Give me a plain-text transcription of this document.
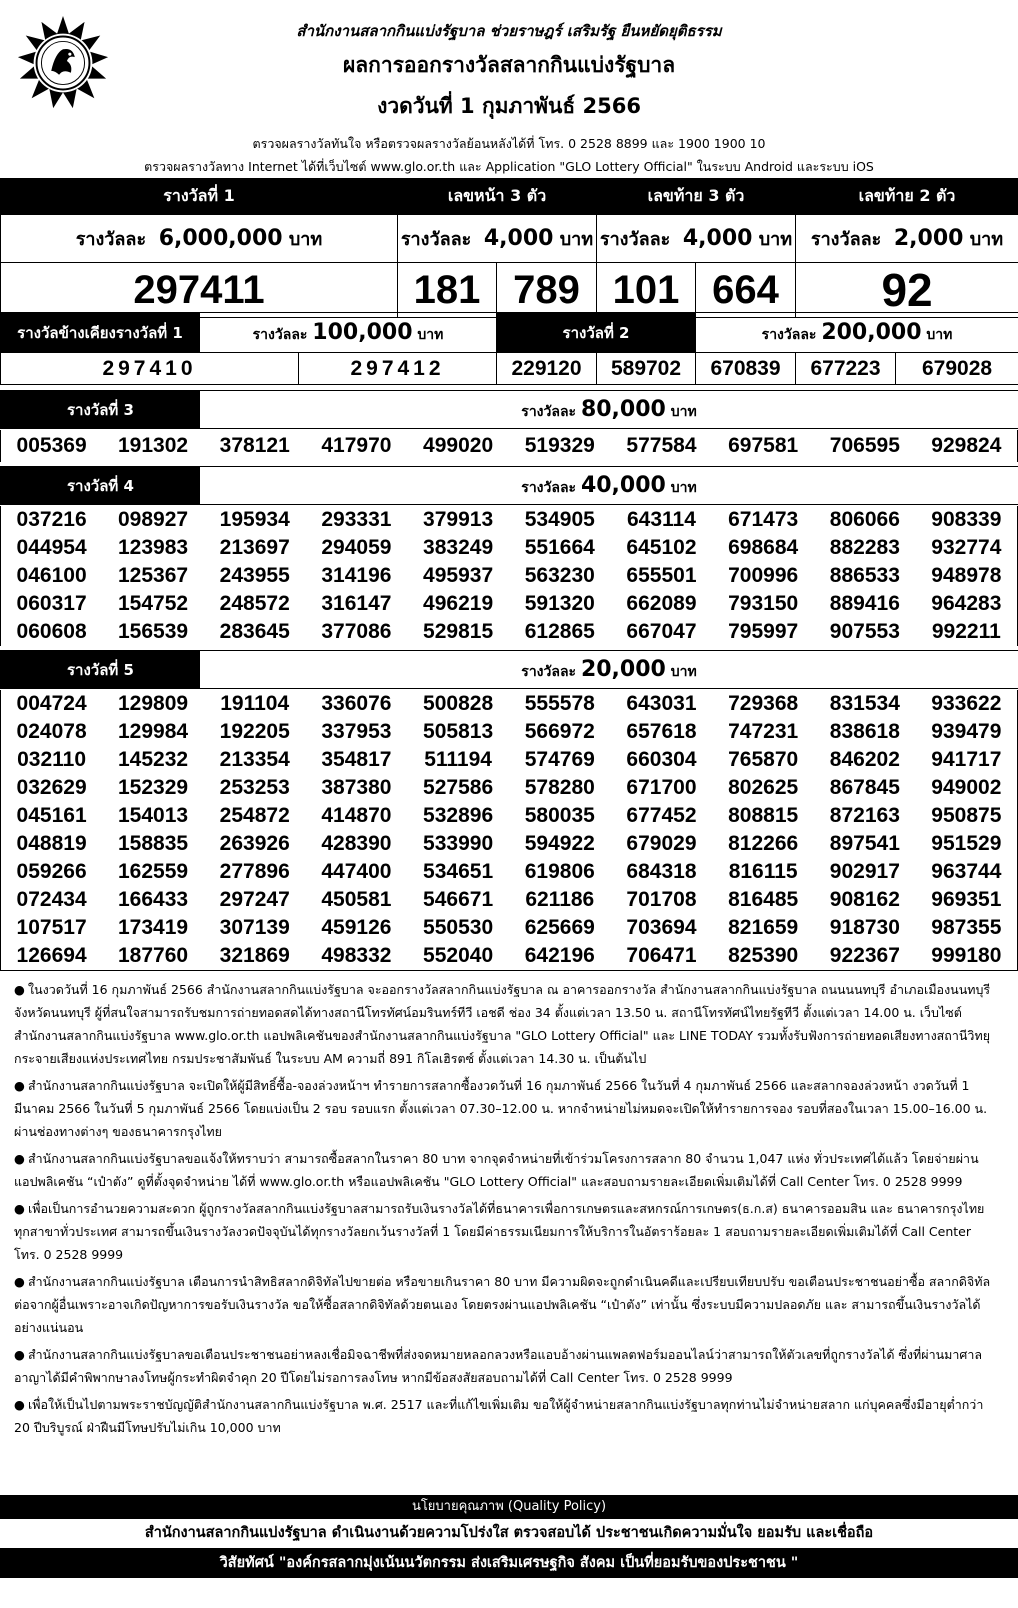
สำนักงานสลากกินแบ่งรัฐบาล ช่วยราษฎร์ เสริมรัฐ ยืนหยัดยุติธรรม
ผลการออกรางวัลสลากกินแบ่งรัฐบาล
งวดวันที่ 1 กุมภาพันธ์ 2566
ตรวจผลรางวัลทันใจ หรือตรวจผลรางวัลย้อนหลังได้ที่ โทร. 0 2528 8899 และ 1900 1900 10
ตรวจผลรางวัลทาง Internet ได้ที่เว็บไซต์ www.glo.or.th และ Application "GLO Lottery Official" ในระบบ Android และระบบ iOS
รางวัลที่ 1	เลขหน้า 3 ตัว		เลขท้าย 3 ตัว		เลขท้าย 2 ตัว
รางวัลละ 6,000,000 บาท	รางวัลละ 4,000 บาท		รางวัลละ 4,000 บาท		รางวัลละ 2,000 บาท
297411	181	789	101	664	92
รางวัลข้างเคียงรางวัลที่ 1	รางวัลละ 100,000 บาท		รางวัลที่ 2		รางวัลละ 200,000 บาท		
297410		297412	229120	589702	670839	677223	679028
รางวัลที่ 3	รางวัลละ 80,000 บาท
005369	191302	378121	417970	499020	519329	577584	697581	706595	929824
รางวัลที่ 4	รางวัลละ 40,000 บาท
037216	098927	195934	293331	379913	534905	643114	671473	806066	908339
044954	123983	213697	294059	383249	551664	645102	698684	882283	932774
046100	125367	243955	314196	495937	563230	655501	700996	886533	948978
060317	154752	248572	316147	496219	591320	662089	793150	889416	964283
060608	156539	283645	377086	529815	612865	667047	795997	907553	992211
รางวัลที่ 5	รางวัลละ 20,000 บาท
004724	129809	191104	336076	500828	555578	643031	729368	831534	933622
024078	129984	192205	337953	505813	566972	657618	747231	838618	939479
032110	145232	213354	354817	511194	574769	660304	765870	846202	941717
032629	152329	253253	387380	527586	578280	671700	802625	867845	949002
045161	154013	254872	414870	532896	580035	677452	808815	872163	950875
048819	158835	263926	428390	533990	594922	679029	812266	897541	951529
059266	162559	277896	447400	534651	619806	684318	816115	902917	963744
072434	166433	297247	450581	546671	621186	701708	816485	908162	969351
107517	173419	307139	459126	550530	625669	703694	821659	918730	987355
126694	187760	321869	498332	552040	642196	706471	825390	922367	999180

● ในงวดวันที่ 16 กุมภาพันธ์ 2566 สำนักงานสลากกินแบ่งรัฐบาล จะออกรางวัลสลากกินแบ่งรัฐบาล ณ อาคารออกรางวัล สำนักงานสลากกินแบ่งรัฐบาล ถนนนนทบุรี อำเภอเมืองนนทบุรี จังหวัดนนทบุรี ผู้ที่สนใจสามารถรับชมการถ่ายทอดสดได้ทางสถานีโทรทัศน์อมรินทร์ทีวี เอชดี ช่อง 34 ตั้งแต่เวลา 13.50 น. สถานีโทรทัศน์ไทยรัฐทีวี ตั้งแต่เวลา 14.00 น. เว็บไซต์สำนักงานสลากกินแบ่งรัฐบาล www.glo.or.th แอปพลิเคชันของสำนักงานสลากกินแบ่งรัฐบาล "GLO Lottery Official" และ LINE TODAY รวมทั้งรับฟังการถ่ายทอดเสียงทางสถานีวิทยุกระจายเสียงแห่งประเทศไทย กรมประชาสัมพันธ์ ในระบบ AM ความถี่ 891 กิโลเฮิรตซ์ ตั้งแต่เวลา 14.30 น. เป็นต้นไป

● สำนักงานสลากกินแบ่งรัฐบาล จะเปิดให้ผู้มีสิทธิ์ซื้อ-จองล่วงหน้าฯ ทำรายการสลากซื้องวดวันที่ 16 กุมภาพันธ์ 2566 ในวันที่ 4 กุมภาพันธ์ 2566 และสลากจองล่วงหน้า งวดวันที่ 1 มีนาคม 2566 ในวันที่ 5 กุมภาพันธ์ 2566 โดยแบ่งเป็น 2 รอบ รอบแรก ตั้งแต่เวลา 07.30–12.00 น. หากจำหน่ายไม่หมดจะเปิดให้ทำรายการจอง รอบที่สองในเวลา 15.00–16.00 น. ผ่านช่องทางต่างๆ ของธนาคารกรุงไทย

● สำนักงานสลากกินแบ่งรัฐบาลขอแจ้งให้ทราบว่า สามารถซื้อสลากในราคา 80 บาท จากจุดจำหน่ายที่เข้าร่วมโครงการสลาก 80 จำนวน 1,047 แห่ง ทั่วประเทศได้แล้ว โดยจ่ายผ่านแอปพลิเคชัน “เป๋าตัง” ดูที่ตั้งจุดจำหน่าย ได้ที่ www.glo.or.th หรือแอปพลิเคชัน "GLO Lottery Official" และสอบถามรายละเอียดเพิ่มเติมได้ที่ Call Center โทร. 0 2528 9999

● เพื่อเป็นการอำนวยความสะดวก ผู้ถูกรางวัลสลากกินแบ่งรัฐบาลสามารถรับเงินรางวัลได้ที่ธนาคารเพื่อการเกษตรและสหกรณ์การเกษตร(ธ.ก.ส) ธนาคารออมสิน และ ธนาคารกรุงไทยทุกสาขาทั่วประเทศ สามารถขึ้นเงินรางวัลงวดปัจจุบันได้ทุกรางวัลยกเว้นรางวัลที่ 1 โดยมีค่าธรรมเนียมการให้บริการในอัตราร้อยละ 1 สอบถามรายละเอียดเพิ่มเติมได้ที่ Call Center โทร. 0 2528 9999

● สำนักงานสลากกินแบ่งรัฐบาล เตือนการนำสิทธิสลากดิจิทัลไปขายต่อ หรือขายเกินราคา 80 บาท มีความผิดจะถูกดำเนินคดีและเปรียบเทียบปรับ ขอเตือนประชาชนอย่าซื้อ สลากดิจิทัลต่อจากผู้อื่นเพราะอาจเกิดปัญหาการขอรับเงินรางวัล ขอให้ซื้อสลากดิจิทัลด้วยตนเอง โดยตรงผ่านแอปพลิเคชัน “เป๋าตัง” เท่านั้น ซึ่งระบบมีความปลอดภัย และ สามารถขึ้นเงินรางวัลได้อย่างแน่นอน

● สำนักงานสลากกินแบ่งรัฐบาลขอเตือนประชาชนอย่าหลงเชื่อมิจฉาชีพที่ส่งจดหมายหลอกลวงหรือแอบอ้างผ่านแพลตฟอร์มออนไลน์ว่าสามารถให้ตัวเลขที่ถูกรางวัลได้ ซึ่งที่ผ่านมาศาลอาญาได้มีคำพิพากษาลงโทษผู้กระทำผิดจำคุก 20 ปีโดยไม่รอการลงโทษ หากมีข้อสงสัยสอบถามได้ที่ Call Center โทร. 0 2528 9999

● เพื่อให้เป็นไปตามพระราชบัญญัติสำนักงานสลากกินแบ่งรัฐบาล พ.ศ. 2517 และที่แก้ไขเพิ่มเติม ขอให้ผู้จำหน่ายสลากกินแบ่งรัฐบาลทุกท่านไม่จำหน่ายสลาก แก่บุคคลซึ่งมีอายุต่ำกว่า 20 ปีบริบูรณ์ ฝ่าฝืนมีโทษปรับไม่เกิน 10,000 บาท

นโยบายคุณภาพ (Quality Policy)
สำนักงานสลากกินแบ่งรัฐบาล ดำเนินงานด้วยความโปร่งใส ตรวจสอบได้ ประชาชนเกิดความมั่นใจ ยอมรับ และเชื่อถือ
วิสัยทัศน์ "องค์กรสลากมุ่งเน้นนวัตกรรม ส่งเสริมเศรษฐกิจ สังคม เป็นที่ยอมรับของประชาชน "
